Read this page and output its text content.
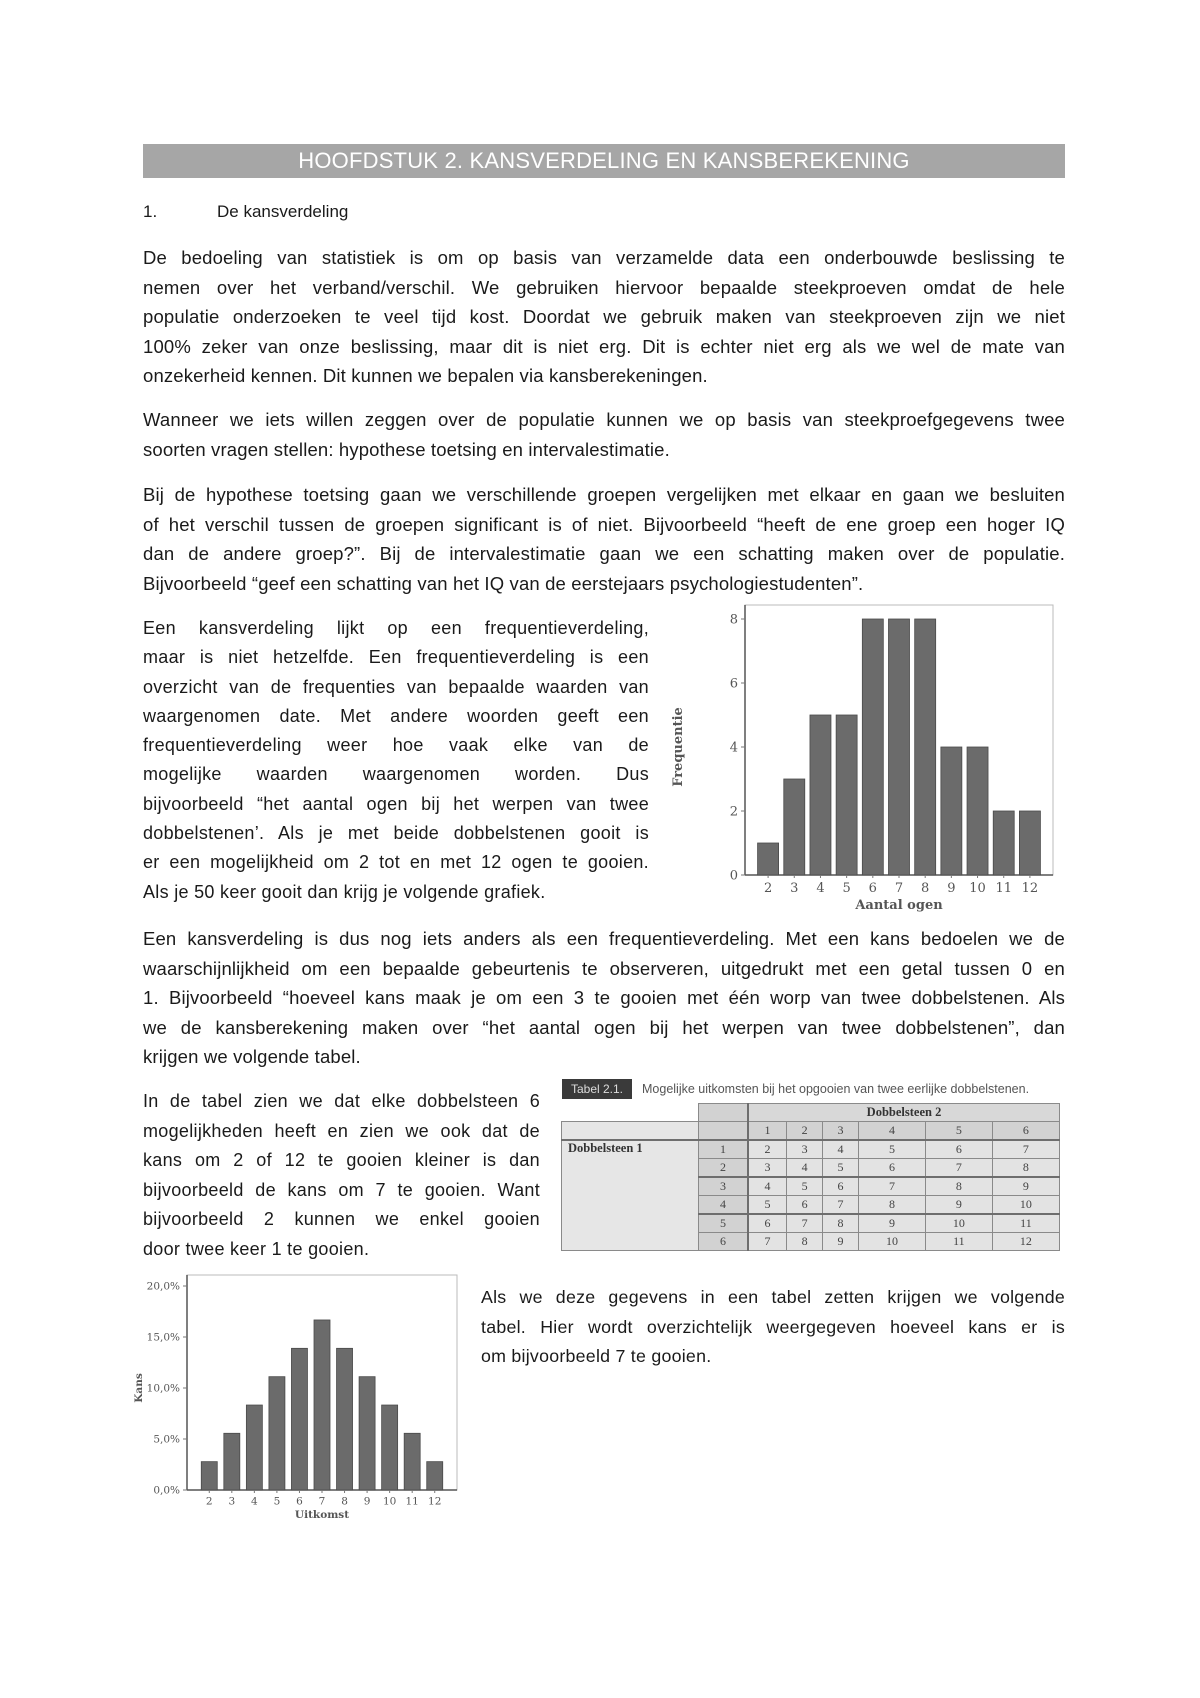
HOOFDSTUK 2. KANSVERDELING EN KANSBEREKENING
1.	De kansverdeling
De bedoeling van statistiek is om op basis van verzamelde data een onderbouwde beslissing te
nemen over het verband/verschil. We gebruiken hiervoor bepaalde steekproeven omdat de hele
populatie onderzoeken te veel tijd kost. Doordat we gebruik maken van steekproeven zijn we niet
100% zeker van onze beslissing, maar dit is niet erg. Dit is echter niet erg als we wel de mate van
onzekerheid kennen. Dit kunnen we bepalen via kansberekeningen.
Wanneer we iets willen zeggen over de populatie kunnen we op basis van steekproefgegevens twee
soorten vragen stellen: hypothese toetsing en intervalestimatie.
Bij de hypothese toetsing gaan we verschillende groepen vergelijken met elkaar en gaan we besluiten
of het verschil tussen de groepen significant is of niet. Bijvoorbeeld “heeft de ene groep een hoger IQ
dan de andere groep?”. Bij de intervalestimatie gaan we een schatting maken over de populatie.
Bijvoorbeeld “geef een schatting van het IQ van de eerstejaars psychologiestudenten”.
Een kansverdeling lijkt op een frequentieverdeling,
maar is niet hetzelfde. Een frequentieverdeling is een
overzicht van de frequenties van bepaalde waarden van
waargenomen date. Met andere woorden geeft een
frequentieverdeling weer hoe vaak elke van de
mogelijke waarden waargenomen worden. Dus
bijvoorbeeld “het aantal ogen bij het werpen van twee
dobbelstenen’. Als je met beide dobbelstenen gooit is
er een mogelijkheid om 2 tot en met 12 ogen te gooien.
Als je 50 keer gooit dan krijg je volgende grafiek.
0
2
4
6
8
2 3 4 5 6 7 8 9 10 11 12
Aantal ogen
Frequentie
Een kansverdeling is dus nog iets anders als een frequentieverdeling. Met een kans bedoelen we de
waarschijnlijkheid om een bepaalde gebeurtenis te observeren, uitgedrukt met een getal tussen 0 en
1. Bijvoorbeeld “hoeveel kans maak je om een 3 te gooien met één worp van twee dobbelstenen. Als
we de kansberekening maken over “het aantal ogen bij het werpen van twee dobbelstenen”, dan
krijgen we volgende tabel.
In de tabel zien we dat elke dobbelsteen 6
mogelijkheden heeft en zien we ook dat de
kans om 2 of 12 te gooien kleiner is dan
bijvoorbeeld de kans om 7 te gooien. Want
bijvoorbeeld 2 kunnen we enkel gooien
door twee keer 1 te gooien.
Tabel 2.1.	Mogelijke uitkomsten bij het opgooien van twee eerlijke dobbelstenen.
		Dobbelsteen 2					
		1	2	3	4	5	6
Dobbelsteen 1	1	2	3	4	5	6	7
	2	3	4	5	6	7	8
	3	4	5	6	7	8	9
	4	5	6	7	8	9	10
	5	6	7	8	9	10	11
	6	7	8	9	10	11	12
0,0%
5,0%
10,0%
15,0%
20,0%
2 3 4 5 6 7 8 9 10 11 12
Uitkomst
Kans
Als we deze gegevens in een tabel zetten krijgen we volgende
tabel. Hier wordt overzichtelijk weergegeven hoeveel kans er is
om bijvoorbeeld 7 te gooien.
